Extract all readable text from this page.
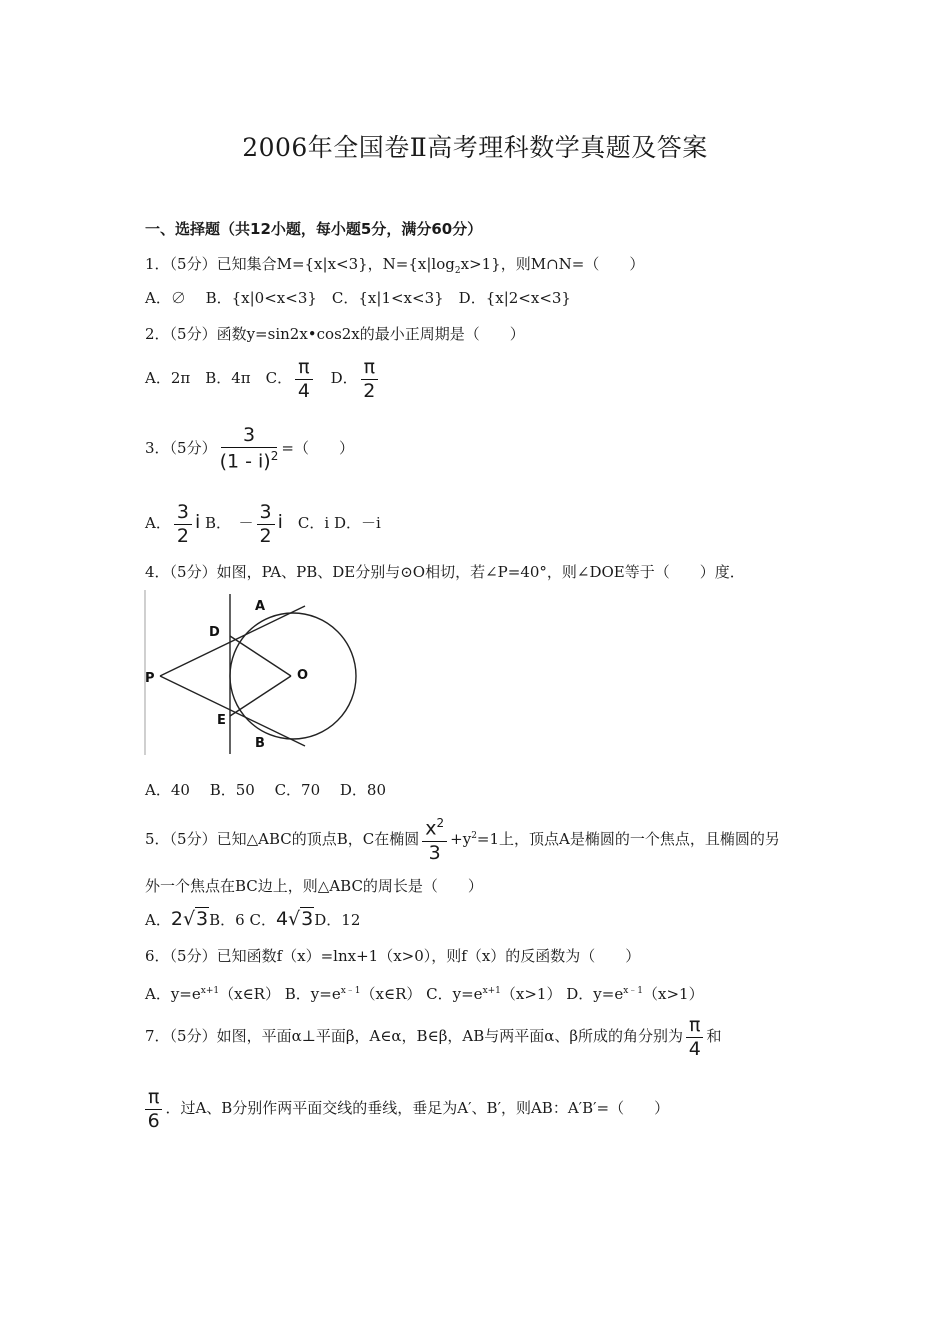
2006年全国卷Ⅱ高考理科数学真题及答案
一、选择题（共12小题，每小题5分，满分60分）
1．（5分）已知集合M={x|x<3}，$N=\{x|\log_2x>1\}$，则M∩N=（　　）
A．∅　 B．{x|0<x<3}　C．{x|1<x<3}　D．{x|2<x<3}
2．（5分）函数y=sin2x•cos2x的最小正周期是（　　）
A．2π　B．4π　C． $\frac{\pi}{4}$ 　D． $\frac{\pi}{2}$
3．（5分） $\frac{3}{(1 - i)^2}$ =（　　）
A． $\frac{3}{2}$ i B．　－ $\frac{3}{2}$ i　C．i D．－i
4．（5分）如图，PA、PB、DE分别与⊙O相切，若∠P=40°，则∠DOE等于（　　）度．
A
D
P	O
E
B
A．40　 B．50　 C．70　 D．80
5．（5分）已知△ABC的顶点B，C在椭圆 $\frac{x^2}{3} +y^2=1$上，顶点A是椭圆的一个焦点，且椭圆的另
外一个焦点在BC边上，则△ABC的周长是（　　）
A．2√3B．6 C．4√3D．12
6．（5分）已知函数f（x）=lnx+1（x>0），则f（x）的反函数为（　　）
A．$y=e^{x+1}(x\in R)$ B．$y=e^{x﹣1}(x\in R)$ C．$y=e^{x+1}(x>1)$ D．$y=e^{x﹣1}(x>1)$
7．（5分）如图，平面α⊥平面β，A∈α，B∈β，AB与两平面α、β所成的角分别为 $\frac{\pi}{4}$ 和
$\frac{\pi}{6}$ ．过A、B分别作两平面交线的垂线，垂足为A′、B′，则AB：A′B′=（　　）
